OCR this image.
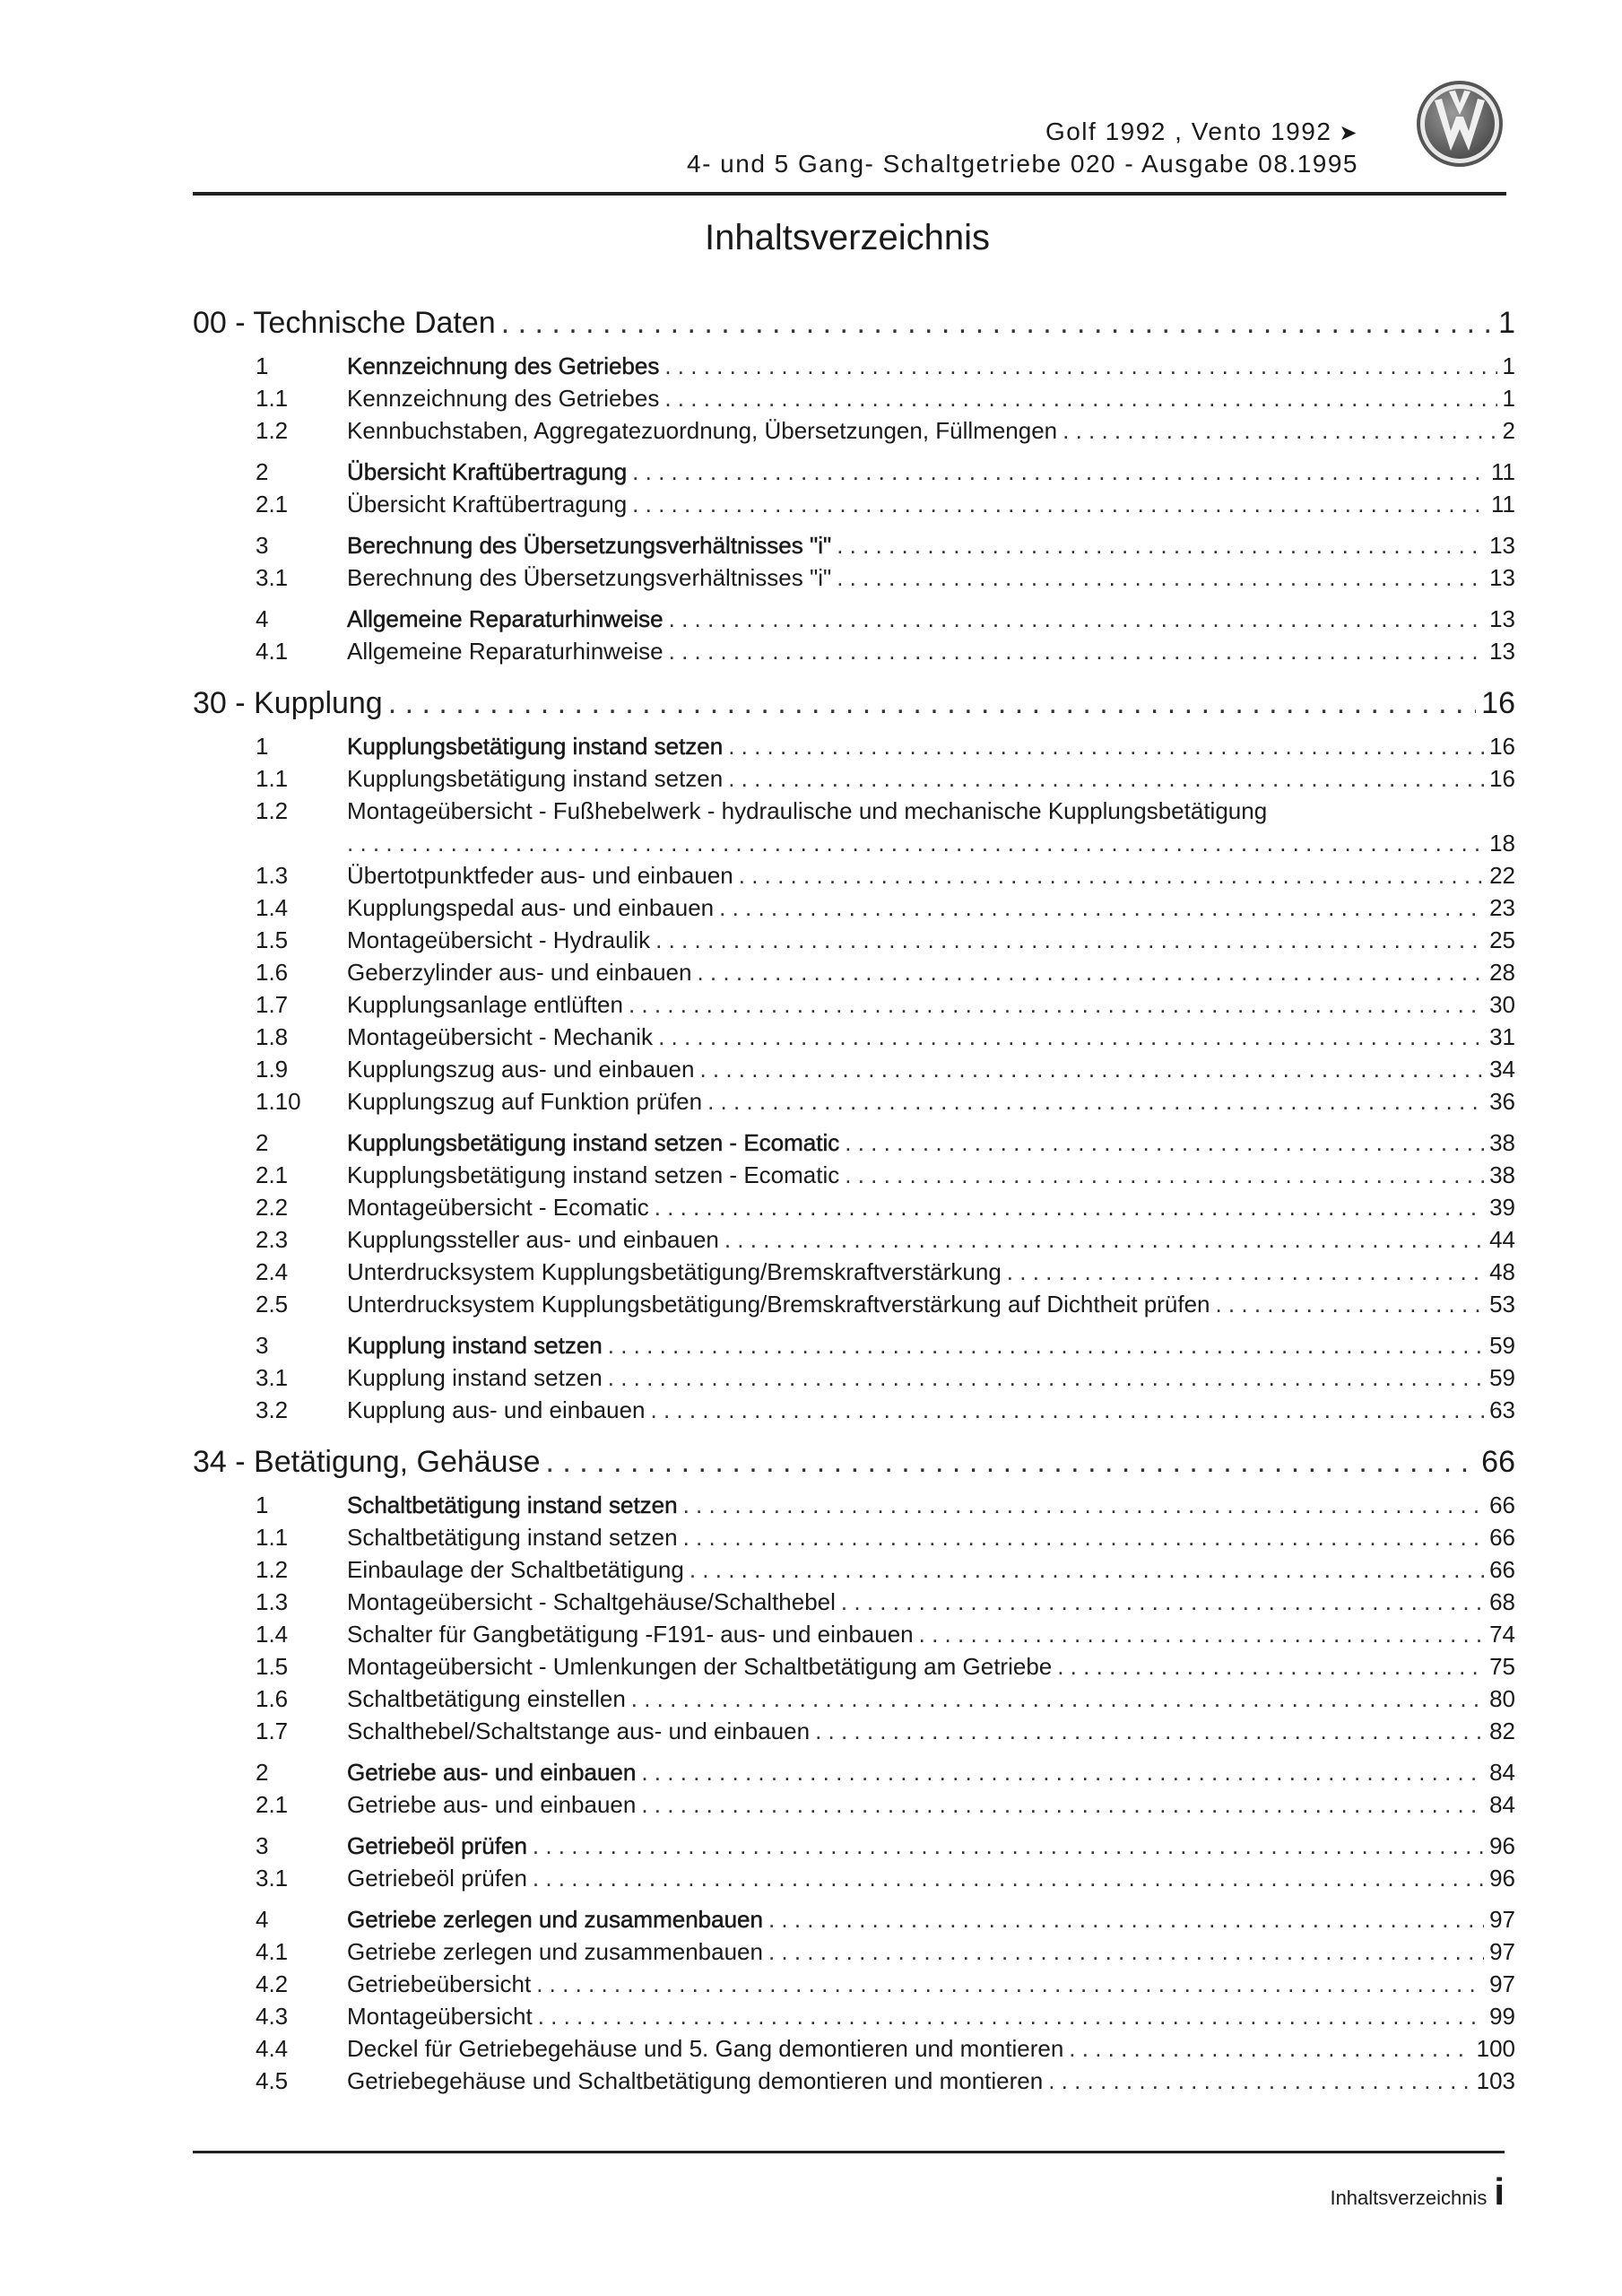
Golf 1992 , Vento 1992 ➤
4- und 5 Gang- Schaltgetriebe 020 - Ausgabe 08.1995
Inhaltsverzeichnis
00 - Technische Daten . . .	1
1	Kennzeichnung des Getriebes . . .	1
1.1	Kennzeichnung des Getriebes . . .	1
1.2	Kennbuchstaben, Aggregatezuordnung, Übersetzungen, Füllmengen . . .	2
2	Übersicht Kraftübertragung . . .	11
2.1	Übersicht Kraftübertragung . . .	11
3	Berechnung des Übersetzungsverhältnisses "i" . . .	13
3.1	Berechnung des Übersetzungsverhältnisses "i" . . .	13
4	Allgemeine Reparaturhinweise . . .	13
4.1	Allgemeine Reparaturhinweise . . .	13
30 - Kupplung . . .	16
1	Kupplungsbetätigung instand setzen . . .	16
1.1	Kupplungsbetätigung instand setzen . . .	16
1.2	Montageübersicht - Fußhebelwerk - hydraulische und mechanische Kupplungsbetätigung
. . .
18
1.3	Übertotpunktfeder aus- und einbauen . . .	22
1.4	Kupplungspedal aus- und einbauen . . .	23
1.5	Montageübersicht - Hydraulik . . .	25
1.6	Geberzylinder aus- und einbauen . . .	28
1.7	Kupplungsanlage entlüften . . .	30
1.8	Montageübersicht - Mechanik . . .	31
1.9	Kupplungszug aus- und einbauen . . .	34
1.10	Kupplungszug auf Funktion prüfen . . .	36
2	Kupplungsbetätigung instand setzen - Ecomatic . . .	38
2.1	Kupplungsbetätigung instand setzen - Ecomatic . . .	38
2.2	Montageübersicht - Ecomatic . . .	39
2.3	Kupplungssteller aus- und einbauen . . .	44
2.4	Unterdrucksystem Kupplungsbetätigung/Bremskraftverstärkung . . .	48
2.5	Unterdrucksystem Kupplungsbetätigung/Bremskraftverstärkung auf Dichtheit prüfen . . .	53
3	Kupplung instand setzen . . .	59
3.1	Kupplung instand setzen . . .	59
3.2	Kupplung aus- und einbauen . . .	63
34 - Betätigung, Gehäuse . . .	66
1	Schaltbetätigung instand setzen . . .	66
1.1	Schaltbetätigung instand setzen . . .	66
1.2	Einbaulage der Schaltbetätigung . . .	66
1.3	Montageübersicht - Schaltgehäuse/Schalthebel . . .	68
1.4	Schalter für Gangbetätigung -F191- aus- und einbauen . . .	74
1.5	Montageübersicht - Umlenkungen der Schaltbetätigung am Getriebe . . .	75
1.6	Schaltbetätigung einstellen . . .	80
1.7	Schalthebel/Schaltstange aus- und einbauen . . .	82
2	Getriebe aus- und einbauen . . .	84
2.1	Getriebe aus- und einbauen . . .	84
3	Getriebeöl prüfen . . .	96
3.1	Getriebeöl prüfen . . .	96
4	Getriebe zerlegen und zusammenbauen . . .	97
4.1	Getriebe zerlegen und zusammenbauen . . .	97
4.2	Getriebeübersicht . . .	97
4.3	Montageübersicht . . .	99
4.4	Deckel für Getriebegehäuse und 5. Gang demontieren und montieren . . .	100
4.5	Getriebegehäuse und Schaltbetätigung demontieren und montieren . . .	103
Inhaltsverzeichnis i
